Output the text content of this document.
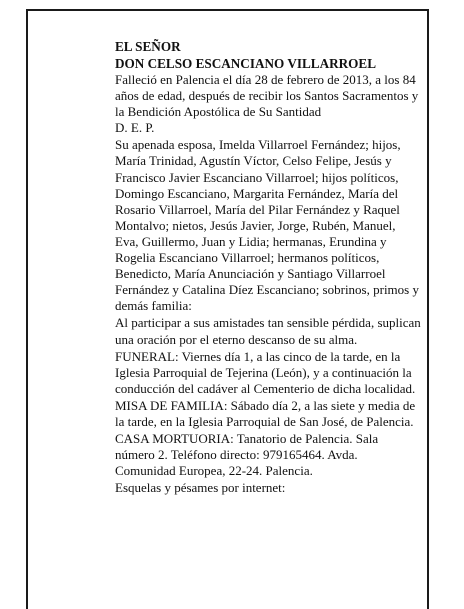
EL SEÑOR

DON CELSO ESCANCIANO VILLARROEL

Falleció en Palencia el día 28 de febrero de 2013, a los 84 años de edad, después de recibir los Santos Sacramentos y la Bendición Apostólica de Su Santidad

D. E. P.

Su apenada esposa, Imelda Villarroel Fernández; hijos, María Trinidad, Agustín Víctor, Celso Felipe, Jesús y Francisco Javier Escanciano Villarroel; hijos políticos, Domingo Escanciano, Margarita Fernández, María del Rosario Villarroel, María del Pilar Fernández y Raquel Montalvo; nietos, Jesús Javier, Jorge, Rubén, Manuel, Eva, Guillermo, Juan y Lidia; hermanas, Erundina y Rogelia Escanciano Villarroel; hermanos políticos, Benedicto, María Anunciación y Santiago Villarroel Fernández y Catalina Díez Escanciano; sobrinos, primos y demás familia:

Al participar a sus amistades tan sensible pérdida, suplican una oración por el eterno descanso de su alma.

FUNERAL: Viernes día 1, a las cinco de la tarde, en la Iglesia Parroquial de Tejerina (León), y a continuación la conducción del cadáver al Cementerio de dicha localidad.

MISA DE FAMILIA: Sábado día 2, a las siete y media de la tarde, en la Iglesia Parroquial de San José, de Palencia.

CASA MORTUORIA: Tanatorio de Palencia. Sala número 2. Teléfono directo: 979165464. Avda. Comunidad Europea, 22-24. Palencia.

Esquelas y pésames por internet:
